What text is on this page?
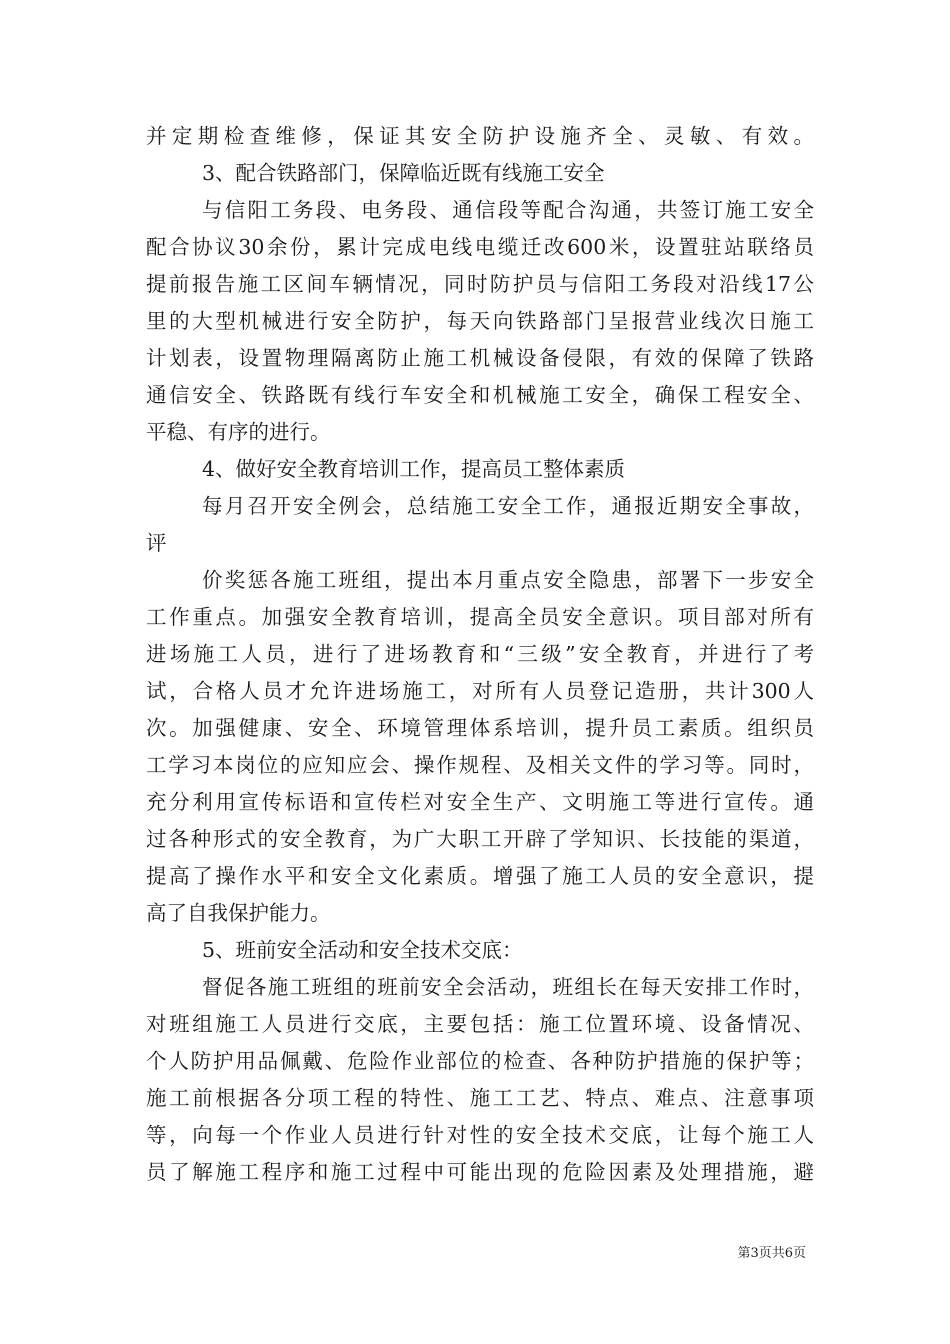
并定期检查维修，保证其安全防护设施齐全、灵敏、有效。
3、配合铁路部门，保障临近既有线施工安全
与信阳工务段、电务段、通信段等配合沟通，共签订施工安全
配合协议30余份，累计完成电线电缆迁改600米，设置驻站联络员
提前报告施工区间车辆情况，同时防护员与信阳工务段对沿线17公
里的大型机械进行安全防护，每天向铁路部门呈报营业线次日施工
计划表，设置物理隔离防止施工机械设备侵限，有效的保障了铁路
通信安全、铁路既有线行车安全和机械施工安全，确保工程安全、
平稳、有序的进行。
4、做好安全教育培训工作，提高员工整体素质
每月召开安全例会，总结施工安全工作，通报近期安全事故，
评
价奖惩各施工班组，提出本月重点安全隐患，部署下一步安全
工作重点。加强安全教育培训，提高全员安全意识。项目部对所有
进场施工人员，进行了进场教育和“三级”安全教育，并进行了考
试，合格人员才允许进场施工，对所有人员登记造册，共计300人
次。加强健康、安全、环境管理体系培训，提升员工素质。组织员
工学习本岗位的应知应会、操作规程、及相关文件的学习等。同时，
充分利用宣传标语和宣传栏对安全生产、文明施工等进行宣传。通
过各种形式的安全教育，为广大职工开辟了学知识、长技能的渠道，
提高了操作水平和安全文化素质。增强了施工人员的安全意识，提
高了自我保护能力。
5、班前安全活动和安全技术交底：
督促各施工班组的班前安全会活动，班组长在每天安排工作时，
对班组施工人员进行交底，主要包括：施工位置环境、设备情况、
个人防护用品佩戴、危险作业部位的检查、各种防护措施的保护等；
施工前根据各分项工程的特性、施工工艺、特点、难点、注意事项
等，向每一个作业人员进行针对性的安全技术交底，让每个施工人
员了解施工程序和施工过程中可能出现的危险因素及处理措施，避
第3页共6页
